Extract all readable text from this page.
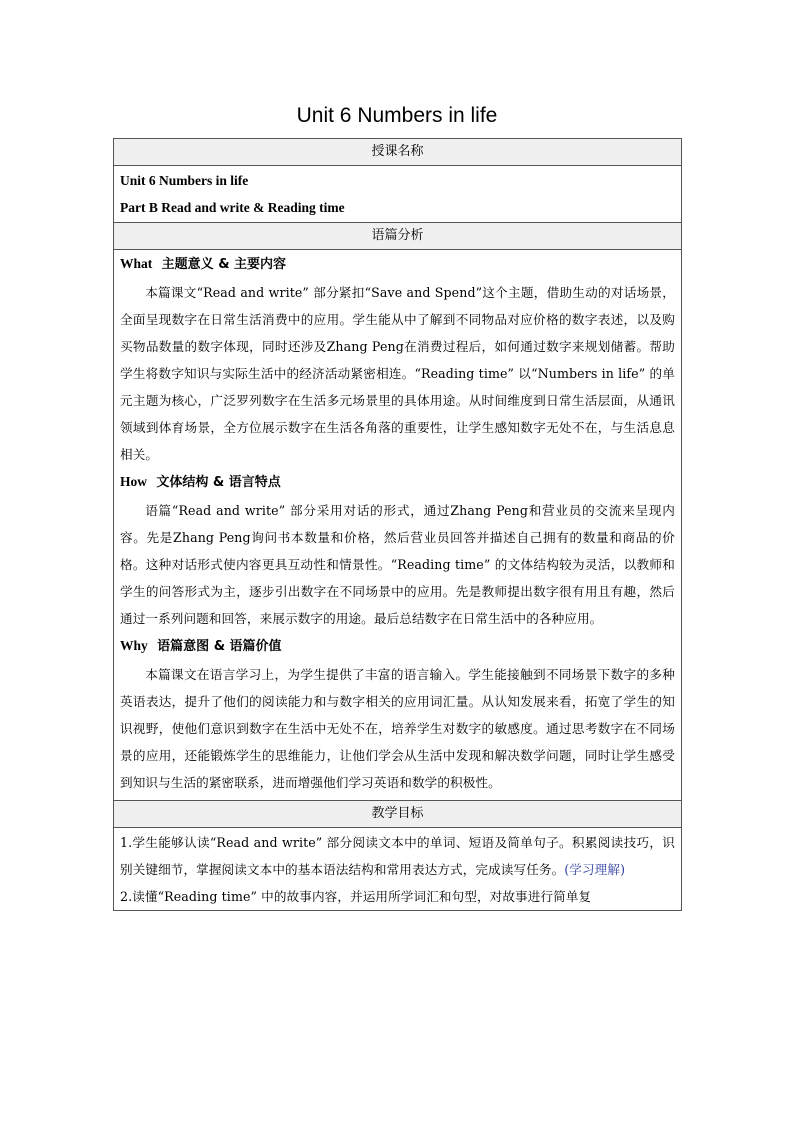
Unit 6 Numbers in life
授课名称

Unit 6 Numbers in life
Part B Read and write & Reading time

语篇分析

What 主题意义 & 主要内容

本篇课文“Read and write” 部分紧扣“Save and Spend”这个主题，借助生动的对话场景，全面呈现数字在日常生活消费中的应用。学生能从中了解到不同物品对应价格的数字表述，以及购买物品数量的数字体现，同时还涉及Zhang Peng在消费过程后，如何通过数字来规划储蓄。帮助学生将数字知识与实际生活中的经济活动紧密相连。“Reading time” 以“Numbers in life” 的单元主题为核心，广泛罗列数字在生活多元场景里的具体用途。从时间维度到日常生活层面，从通讯领域到体育场景，全方位展示数字在生活各角落的重要性，让学生感知数字无处不在，与生活息息相关。

How 文体结构 & 语言特点

语篇“Read and write” 部分采用对话的形式，通过Zhang Peng和营业员的交流来呈现内容。先是Zhang Peng询问书本数量和价格，然后营业员回答并描述自己拥有的数量和商品的价格。这种对话形式使内容更具互动性和情景性。“Reading time” 的文体结构较为灵活，以教师和学生的问答形式为主，逐步引出数字在不同场景中的应用。先是教师提出数字很有用且有趣，然后通过一系列问题和回答，来展示数字的用途。最后总结数字在日常生活中的各种应用。

Why 语篇意图 & 语篇价值

本篇课文在语言学习上，为学生提供了丰富的语言输入。学生能接触到不同场景下数字的多种英语表达，提升了他们的阅读能力和与数字相关的应用词汇量。从认知发展来看，拓宽了学生的知识视野，使他们意识到数字在生活中无处不在，培养学生对数字的敏感度。通过思考数字在不同场景的应用，还能锻炼学生的思维能力，让他们学会从生活中发现和解决数学问题，同时让学生感受到知识与生活的紧密联系，进而增强他们学习英语和数学的积极性。

教学目标

1.学生能够认读“Read and write” 部分阅读文本中的单词、短语及简单句子。积累阅读技巧，识别关键细节，掌握阅读文本中的基本语法结构和常用表达方式，完成读写任务。(学习理解)

2.读懂“Reading time” 中的故事内容，并运用所学词汇和句型，对故事进行简单复
